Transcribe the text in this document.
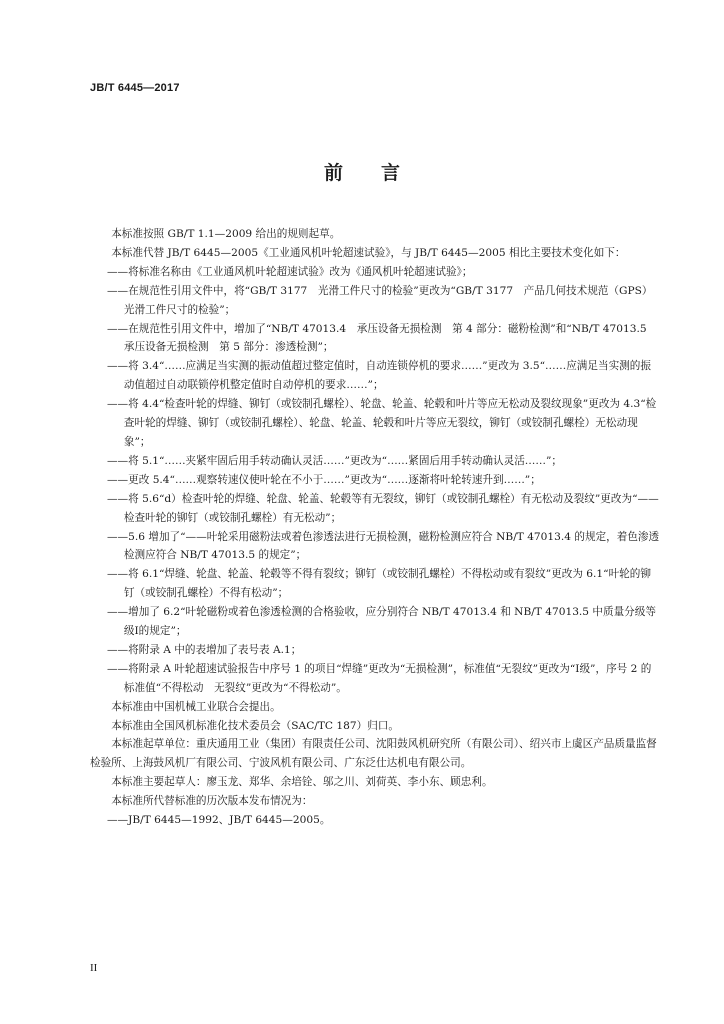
JB/T 6445—2017
前言

本标准按照 GB/T 1.1—2009 给出的规则起草。

本标准代替 JB/T 6445—2005《工业通风机叶轮超速试验》，与 JB/T 6445—2005 相比主要技术变化如下：

——将标准名称由《工业通风机叶轮超速试验》改为《通风机叶轮超速试验》；
——在规范性引用文件中，将“GB/T 3177　光滑工件尺寸的检验”更改为“GB/T 3177　产品几何技术规范（GPS）　光滑工件尺寸的检验”；
——在规范性引用文件中，增加了“NB/T 47013.4　承压设备无损检测　第 4 部分：磁粉检测”和“NB/T 47013.5　承压设备无损检测　第 5 部分：渗透检测”；
——将 3.4“……应满足当实测的振动值超过整定值时，自动连锁停机的要求……”更改为 3.5“……应满足当实测的振动值超过自动联锁停机整定值时自动停机的要求……”；
——将 4.4“检查叶轮的焊缝、铆钉（或铰制孔螺栓）、轮盘、轮盖、轮毂和叶片等应无松动及裂纹现象”更改为 4.3“检查叶轮的焊缝、铆钉（或铰制孔螺栓）、轮盘、轮盖、轮毂和叶片等应无裂纹，铆钉（或铰制孔螺栓）无松动现象”；
——将 5.1“……夹紧牢固后用手转动确认灵活……”更改为“……紧固后用手转动确认灵活……”；
——更改 5.4“……观察转速仪使叶轮在不小于……”更改为“……逐渐将叶轮转速升到……”；
——将 5.6“d）检查叶轮的焊缝、轮盘、轮盖、轮毂等有无裂纹，铆钉（或铰制孔螺栓）有无松动及裂纹”更改为“——检查叶轮的铆钉（或铰制孔螺栓）有无松动”；
——5.6 增加了“——叶轮采用磁粉法或着色渗透法进行无损检测，磁粉检测应符合 NB/T 47013.4 的规定，着色渗透检测应符合 NB/T 47013.5 的规定”；
——将 6.1“焊缝、轮盘、轮盖、轮毂等不得有裂纹；铆钉（或铰制孔螺栓）不得松动或有裂纹”更改为 6.1“叶轮的铆钉（或铰制孔螺栓）不得有松动”；
——增加了 6.2“叶轮磁粉或着色渗透检测的合格验收，应分别符合 NB/T 47013.4 和 NB/T 47013.5 中质量分级等级Ⅰ的规定”；
——将附录 A 中的表增加了表号表 A.1；
——将附录 A 叶轮超速试验报告中序号 1 的项目“焊缝”更改为“无损检测”，标准值“无裂纹”更改为“Ⅰ级”，序号 2 的标准值“不得松动　无裂纹”更改为“不得松动”。

本标准由中国机械工业联合会提出。

本标准由全国风机标准化技术委员会（SAC/TC 187）归口。

本标准起草单位：重庆通用工业（集团）有限责任公司、沈阳鼓风机研究所（有限公司）、绍兴市上虞区产品质量监督检验所、上海鼓风机厂有限公司、宁波风机有限公司、广东泛仕达机电有限公司。

本标准主要起草人：廖玉龙、郑华、余培铨、邬之川、刘荷英、李小东、顾忠利。

本标准所代替标准的历次版本发布情况为：

——JB/T 6445—1992、JB/T 6445—2005。
II
